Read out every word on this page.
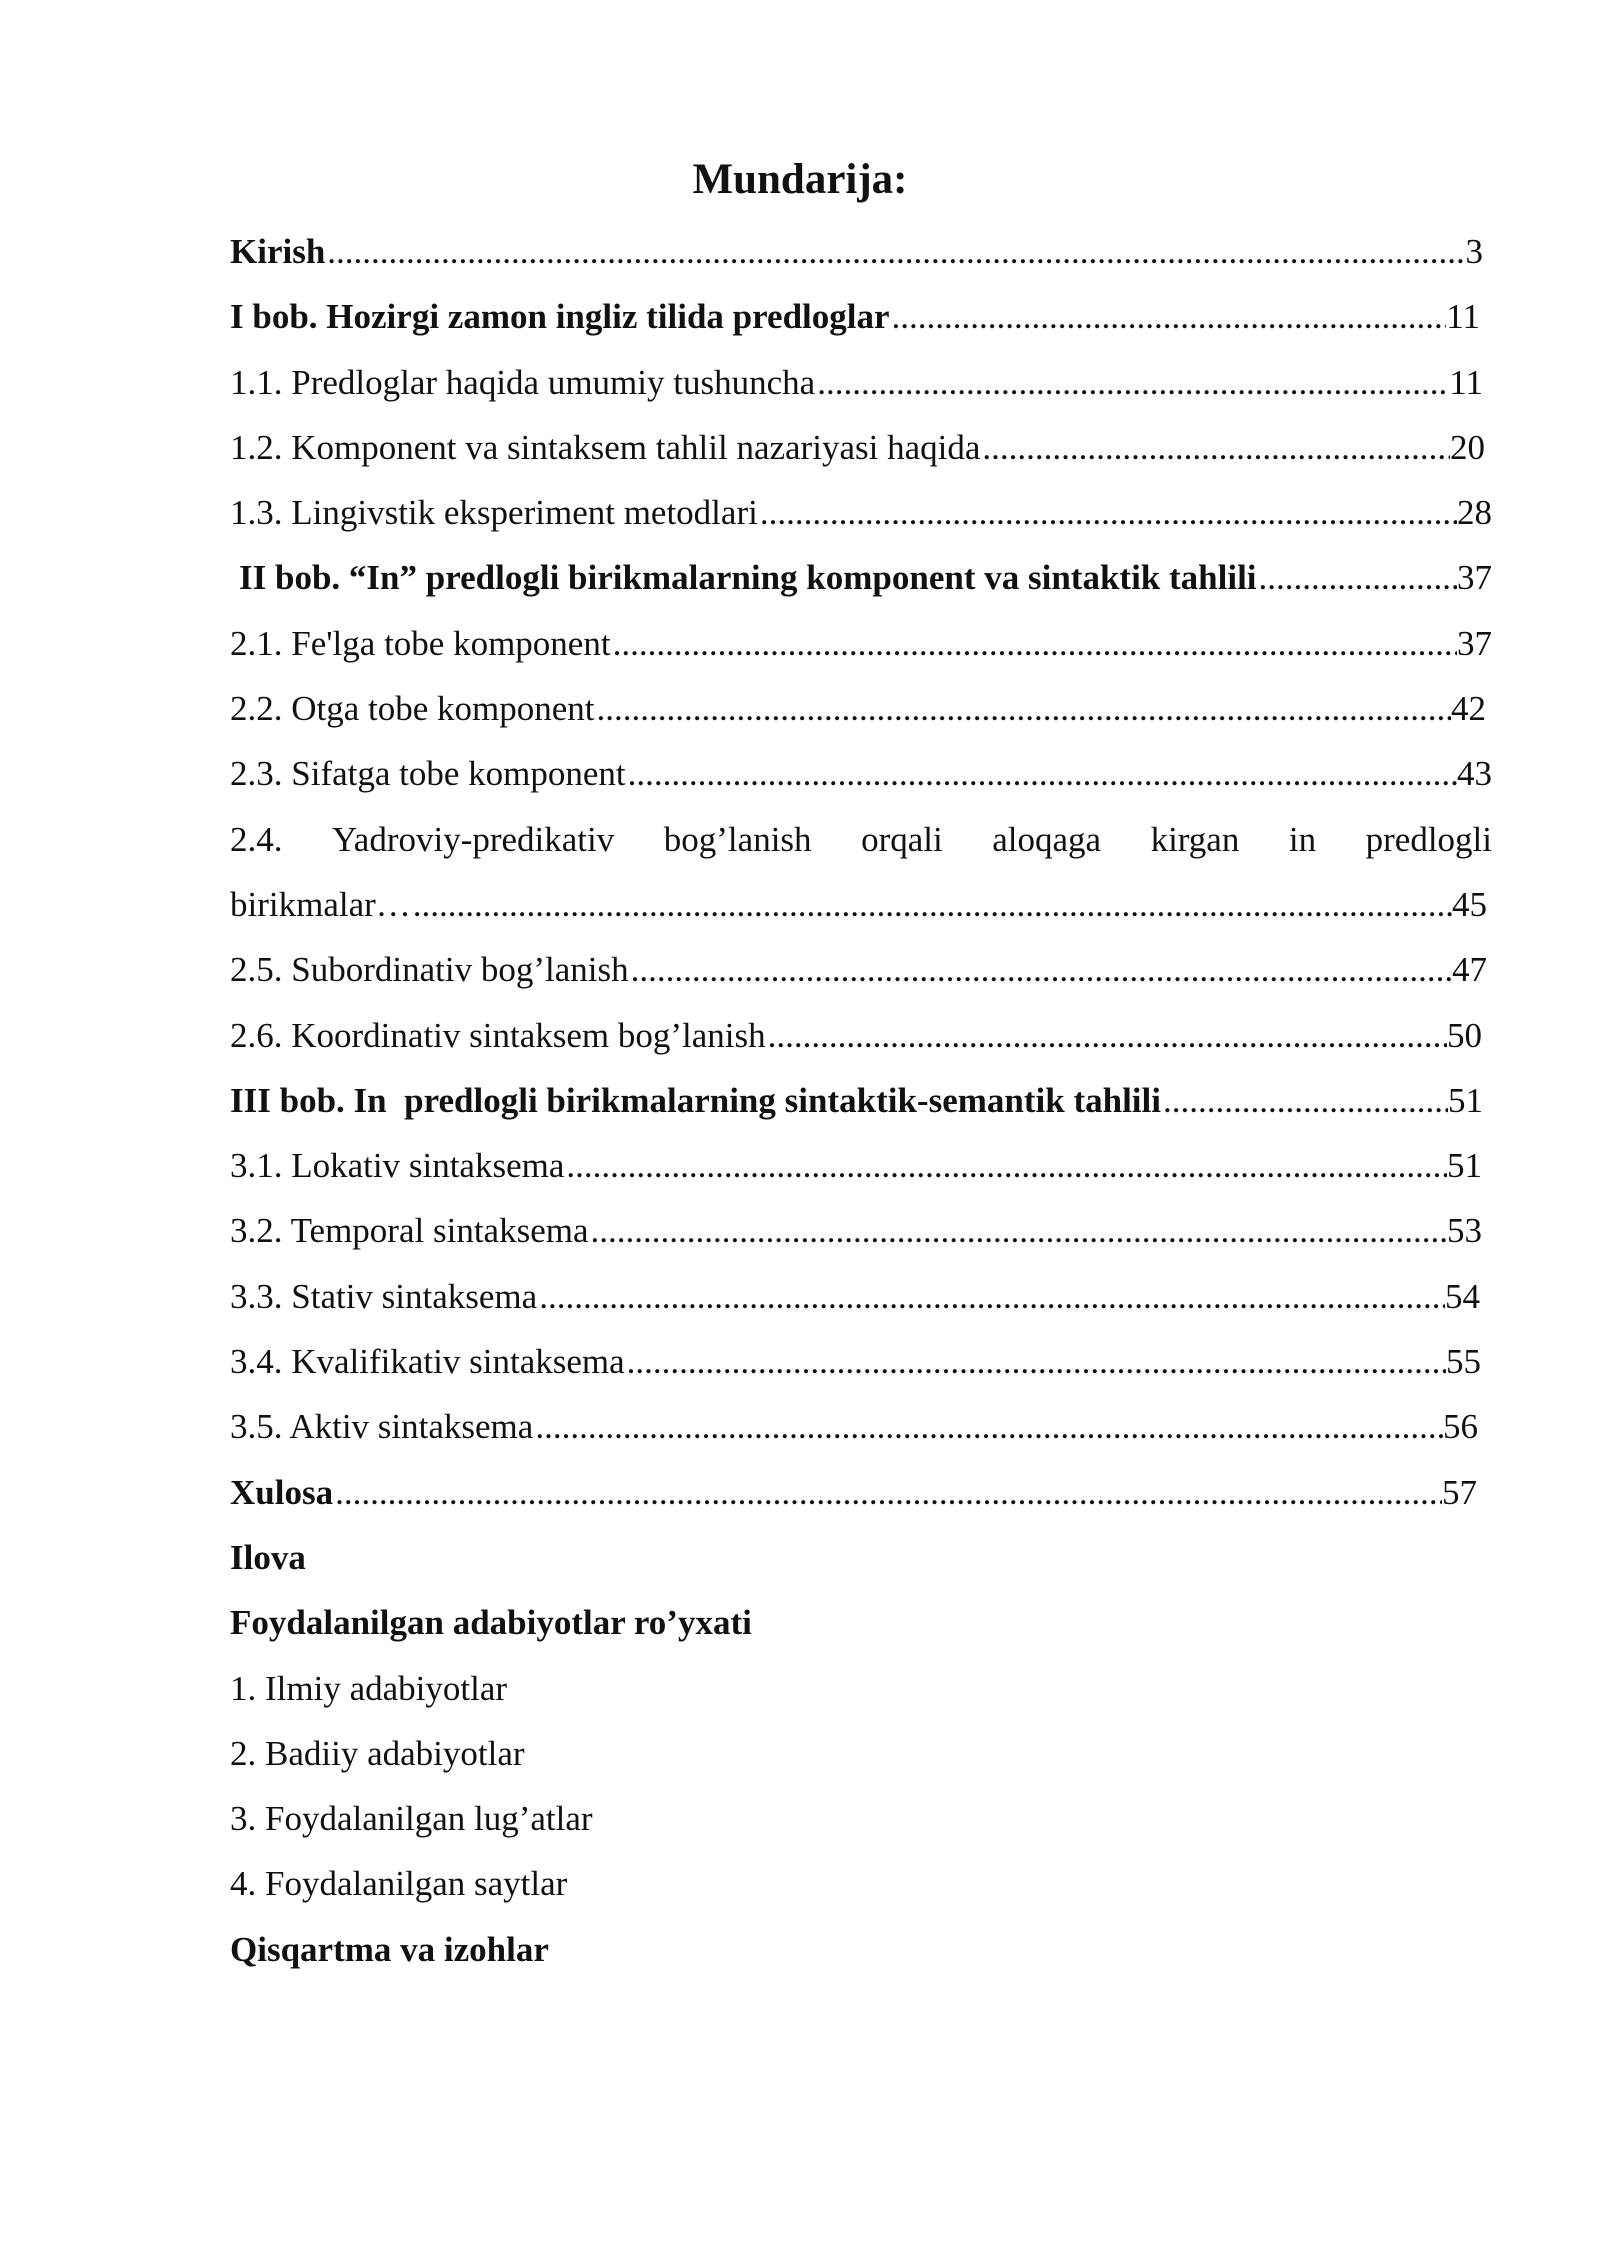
Mundarija:
Kirish .....	3
I bob. Hozirgi zamon ingliz tilida predloglar .....	11
1.1. Predloglar haqida umumiy tushuncha .....	11
1.2. Komponent va sintaksem tahlil nazariyasi haqida .....	20
1.3. Lingivstik eksperiment metodlari .....	28
II bob. “In” predlogli birikmalarning komponent va sintaktik tahlili .....	37
2.1. Fe'lga tobe komponent .....	37
2.2. Otga tobe komponent .....	42
2.3. Sifatga tobe komponent .....	43
2.4. Yadroviy-predikativ bog’lanish orqali aloqaga kirgan in predlogli
birikmalar… .....	45
2.5. Subordinativ bog’lanish .....	47
2.6. Koordinativ sintaksem bog’lanish .....	50
III bob. In  predlogli birikmalarning sintaktik-semantik tahlili .....	51
3.1. Lokativ sintaksema .....	51
3.2. Temporal sintaksema .....	53
3.3. Stativ sintaksema .....	54
3.4. Kvalifikativ sintaksema .....	55
3.5. Aktiv sintaksema .....	56
Xulosa .....	57
Ilova
Foydalanilgan adabiyotlar ro’yxati
1. Ilmiy adabiyotlar
2. Badiiy adabiyotlar
3. Foydalanilgan lug’atlar
4. Foydalanilgan saytlar
Qisqartma va izohlar
